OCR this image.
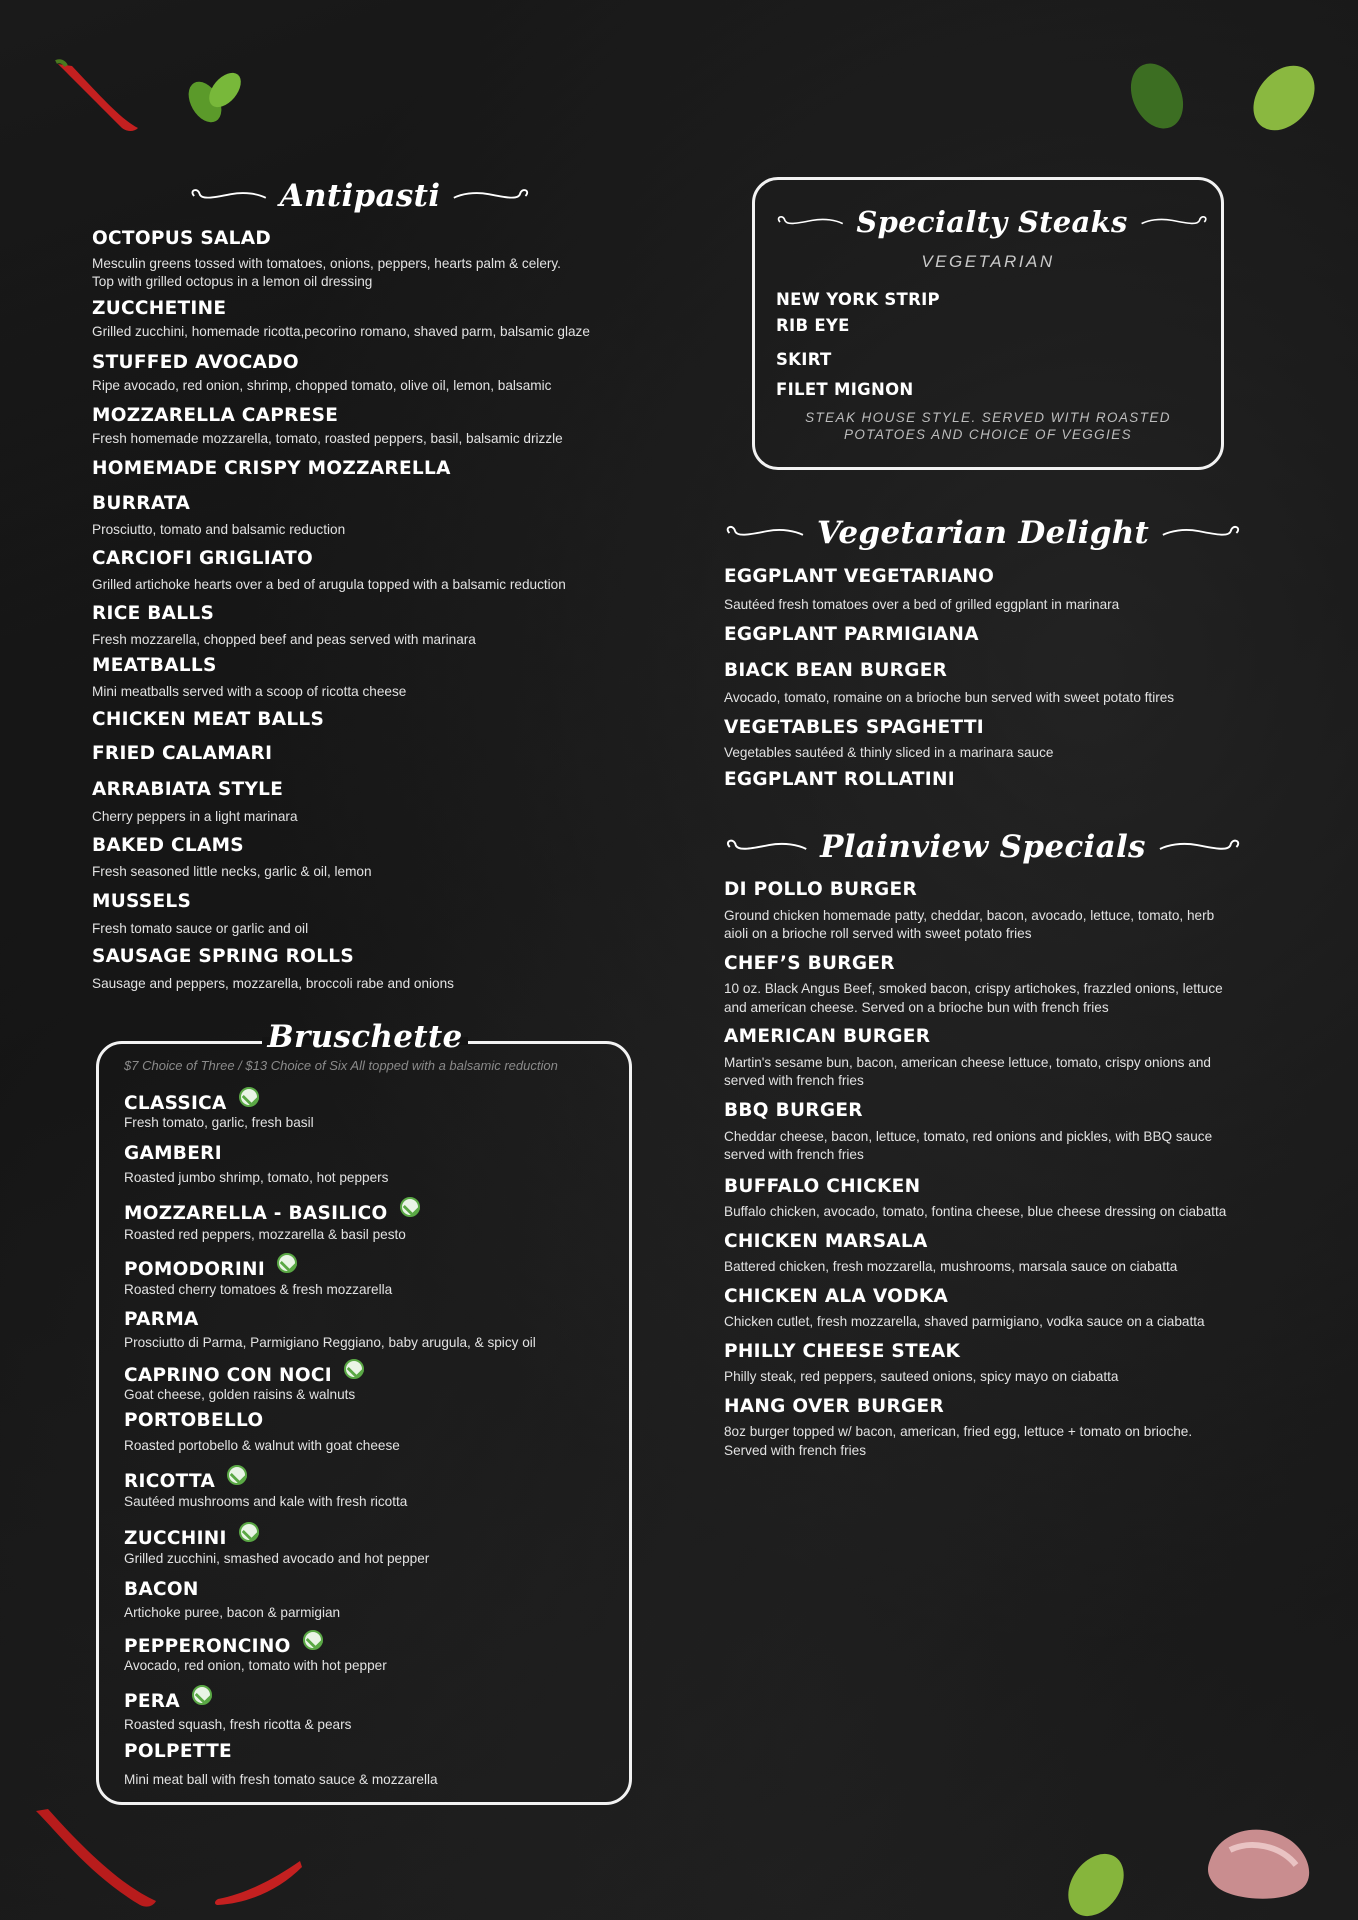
Antipasti
OCTOPUS SALAD
Mesculin greens tossed with tomatoes, onions, peppers, hearts palm & celery.
Top with grilled octopus in a lemon oil dressing
ZUCCHETINE
Grilled zucchini, homemade ricotta,pecorino romano, shaved parm, balsamic glaze
STUFFED AVOCADO
Ripe avocado, red onion, shrimp, chopped tomato, olive oil, lemon, balsamic
MOZZARELLA CAPRESE
Fresh homemade mozzarella, tomato, roasted peppers, basil, balsamic drizzle
HOMEMADE CRISPY MOZZARELLA
BURRATA
Prosciutto, tomato and balsamic reduction
CARCIOFI GRIGLIATO
Grilled artichoke hearts over a bed of arugula topped with a balsamic reduction
RICE BALLS
Fresh mozzarella, chopped beef and peas served with marinara
MEATBALLS
Mini meatballs served with a scoop of ricotta cheese
CHICKEN MEAT BALLS
FRIED CALAMARI
ARRABIATA STYLE
Cherry peppers in a light marinara
BAKED CLAMS
Fresh seasoned little necks, garlic & oil, lemon
MUSSELS
Fresh tomato sauce or garlic and oil
SAUSAGE SPRING ROLLS
Sausage and peppers, mozzarella, broccoli rabe and onions
Bruschette
$7 Choice of Three / $13 Choice of Six All topped with a balsamic reduction
CLASSICA
Fresh tomato, garlic, fresh basil
GAMBERI
Roasted jumbo shrimp, tomato, hot peppers
MOZZARELLA - BASILICO
Roasted red peppers, mozzarella & basil pesto
POMODORINI
Roasted cherry tomatoes & fresh mozzarella
PARMA
Prosciutto di Parma, Parmigiano Reggiano, baby arugula, & spicy oil
CAPRINO CON NOCI
Goat cheese, golden raisins & walnuts
PORTOBELLO
Roasted portobello & walnut with goat cheese
RICOTTA
Sautéed mushrooms and kale with fresh ricotta
ZUCCHINI
Grilled zucchini, smashed avocado and hot pepper
BACON
Artichoke puree, bacon & parmigian
PEPPERONCINO
Avocado, red onion, tomato with hot pepper
PERA
Roasted squash, fresh ricotta & pears
POLPETTE
Mini meat ball with fresh tomato sauce & mozzarella
Specialty Steaks
VEGETARIAN
NEW YORK STRIP
RIB EYE
SKIRT
FILET MIGNON
STEAK HOUSE STYLE. SERVED WITH ROASTED
POTATOES AND CHOICE OF VEGGIES
Vegetarian Delight
EGGPLANT VEGETARIANO
Sautéed fresh tomatoes over a bed of grilled eggplant in marinara
EGGPLANT PARMIGIANA
BIACK BEAN BURGER
Avocado, tomato, romaine on a brioche bun served with sweet potato ftires
VEGETABLES SPAGHETTI
Vegetables sautéed & thinly sliced in a marinara sauce
EGGPLANT ROLLATINI
Plainview Specials
DI POLLO BURGER
Ground chicken homemade patty, cheddar, bacon, avocado, lettuce, tomato, herb
aioli on a brioche roll served with sweet potato fries
CHEF’S BURGER
10 oz. Black Angus Beef, smoked bacon, crispy artichokes, frazzled onions, lettuce
and american cheese. Served on a brioche bun with french fries
AMERICAN BURGER
Martin's sesame bun, bacon, american cheese lettuce, tomato, crispy onions and
served with french fries
BBQ BURGER
Cheddar cheese, bacon, lettuce, tomato, red onions and pickles, with BBQ sauce
served with french fries
BUFFALO CHICKEN
Buffalo chicken, avocado, tomato, fontina cheese, blue cheese dressing on ciabatta
CHICKEN MARSALA
Battered chicken, fresh mozzarella, mushrooms, marsala sauce on ciabatta
CHICKEN ALA VODKA
Chicken cutlet, fresh mozzarella, shaved parmigiano, vodka sauce on a ciabatta
PHILLY CHEESE STEAK
Philly steak, red peppers, sauteed onions, spicy mayo on ciabatta
HANG OVER BURGER
8oz burger topped w/ bacon, american, fried egg, lettuce + tomato on brioche.
Served with french fries
